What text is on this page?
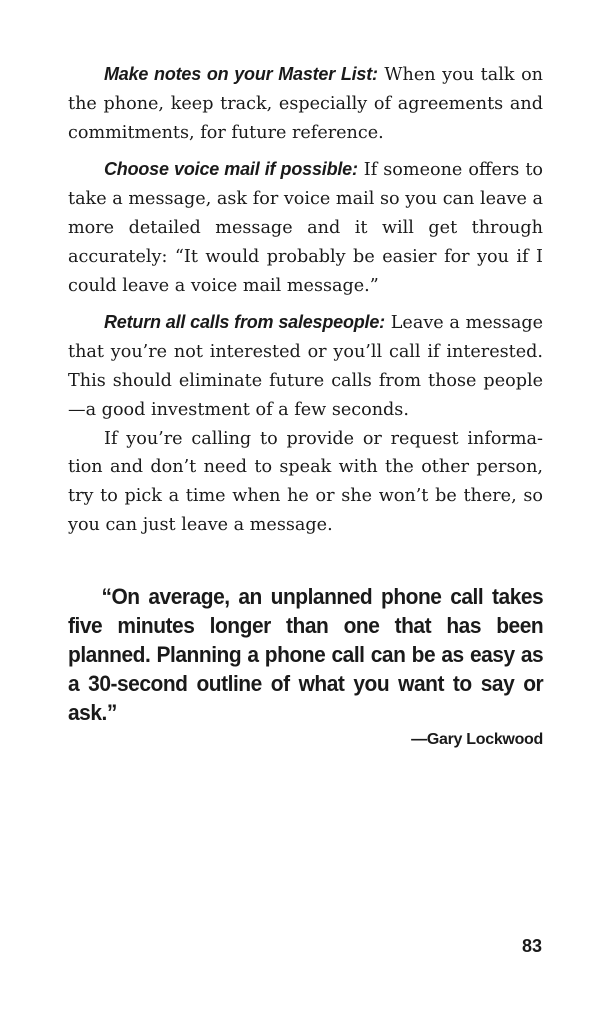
Make notes on your Master List: When you talk on the phone, keep track, especially of agreements and commitments, for future reference.

Choose voice mail if possible: If someone offers to take a message, ask for voice mail so you can leave a more detailed message and it will get through accurately: “It would probably be easier for you if I could leave a voice mail message.”

Return all calls from salespeople: Leave a message that you’re not interested or you’ll call if interested. This should eliminate future calls from those people—a good investment of a few seconds.

If you’re calling to provide or request information and don’t need to speak with the other person, try to pick a time when he or she won’t be there, so you can just leave a message.

“On average, an unplanned phone call takes five minutes longer than one that has been planned. Planning a phone call can be as easy as a 30-second outline of what you want to say or ask.”
—Gary Lockwood
83
